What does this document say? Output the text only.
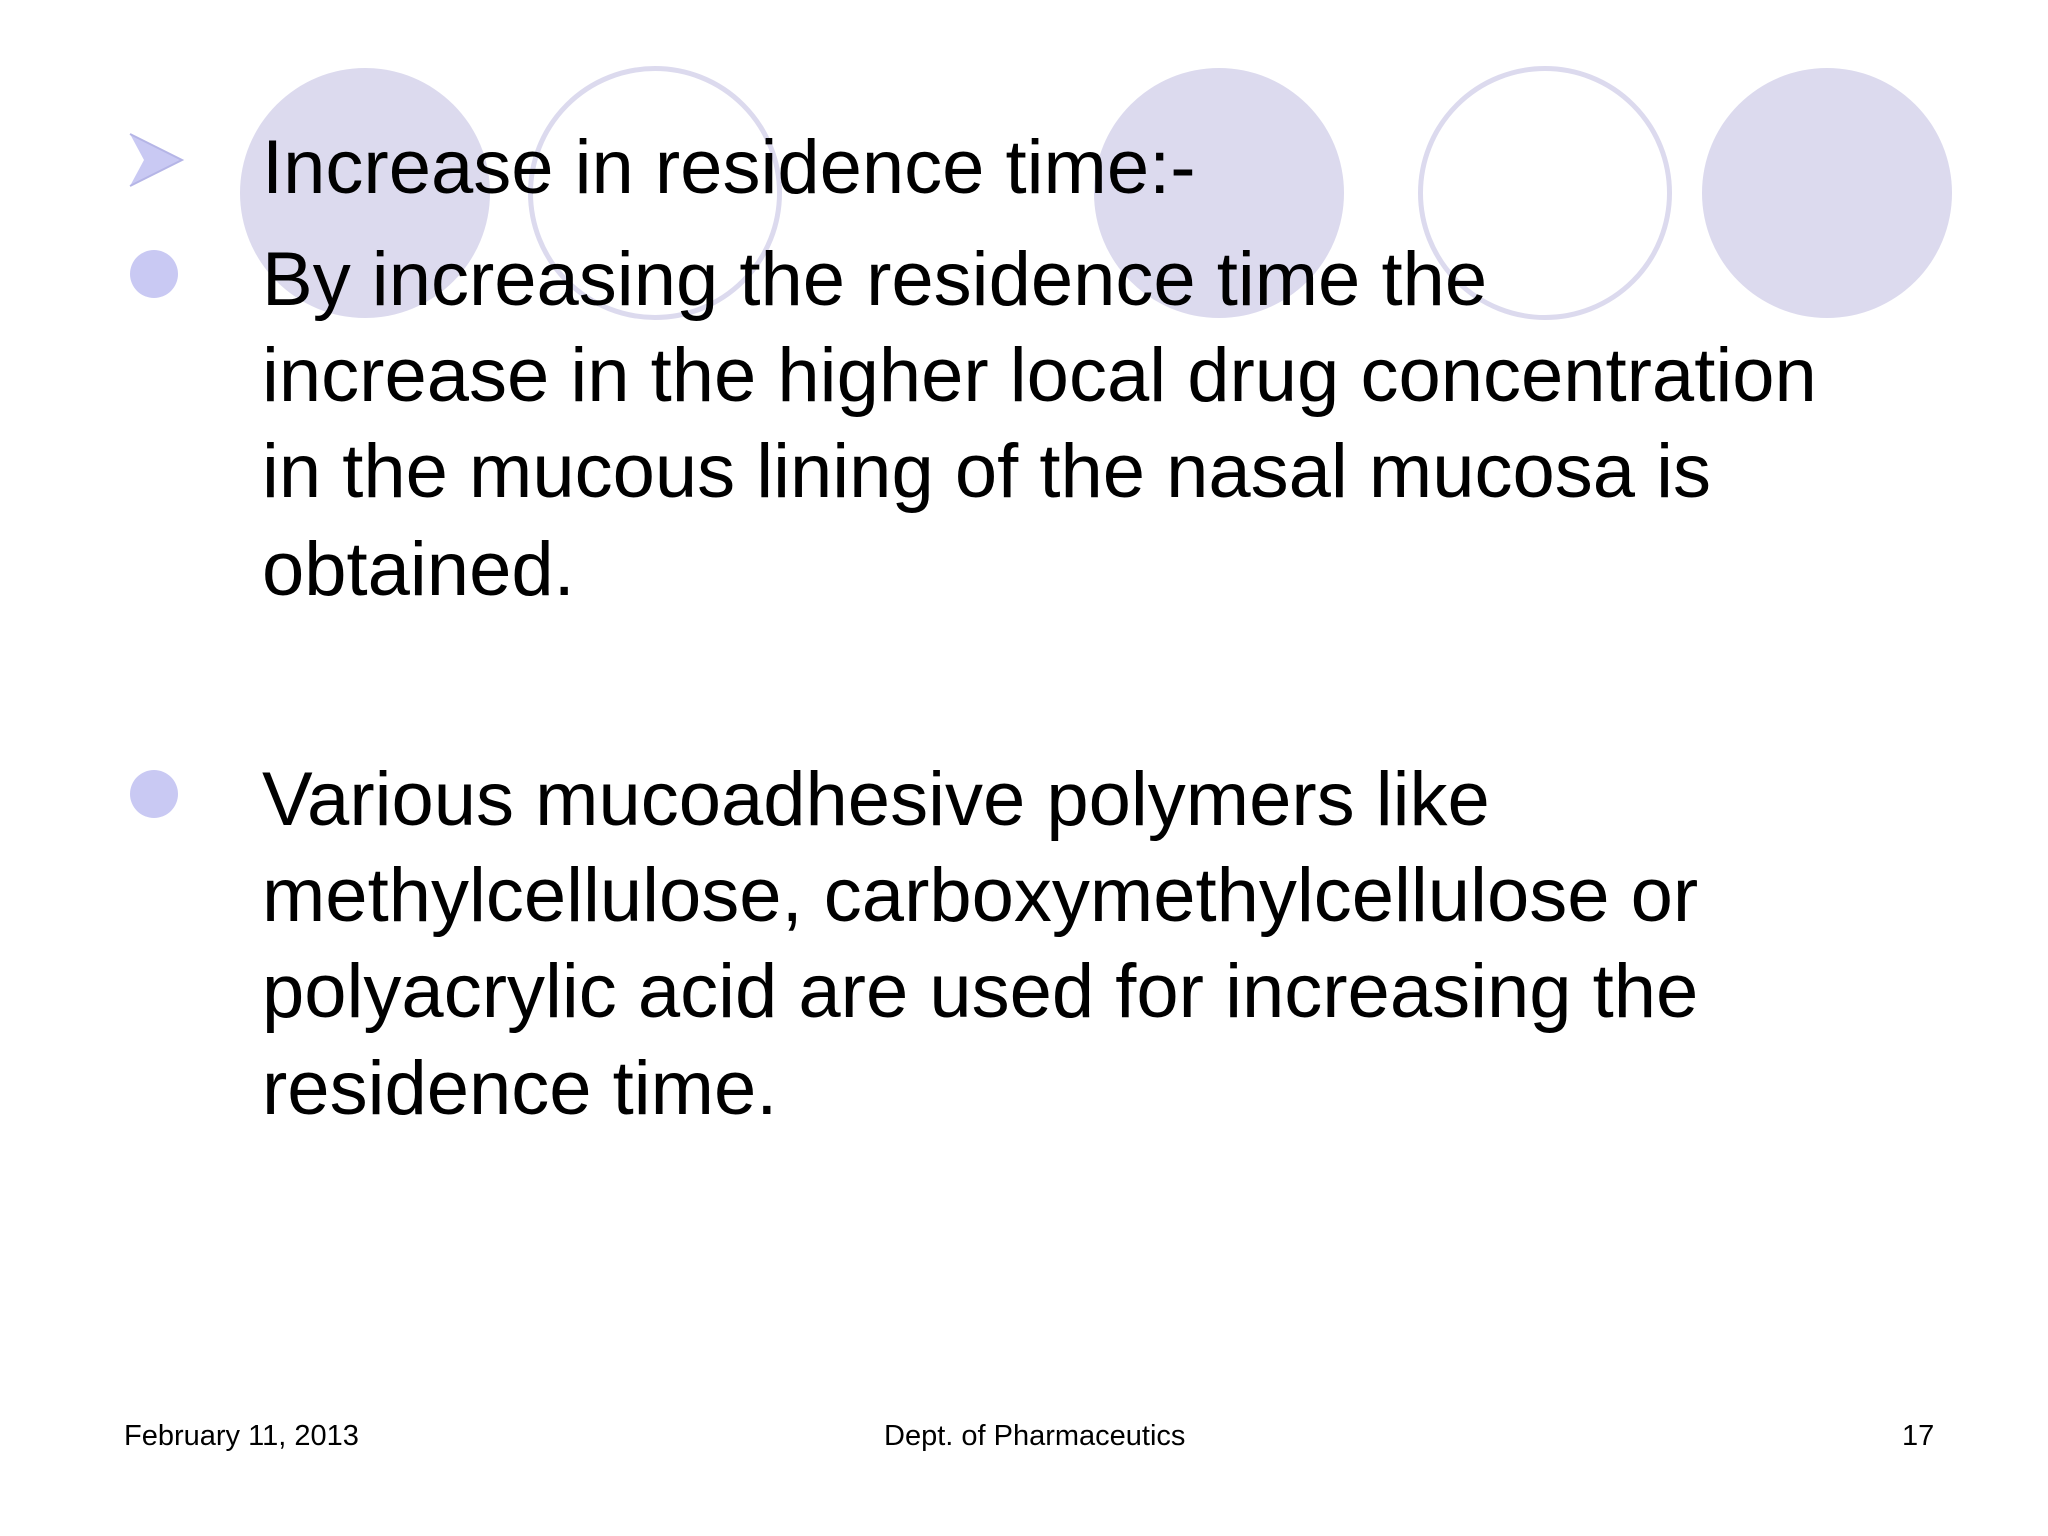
Increase in residence time:-
By increasing the residence time the
increase in the higher local drug concentration
in the mucous lining of the nasal mucosa is
obtained.
Various mucoadhesive polymers like
methylcellulose, carboxymethylcellulose or
polyacrylic acid are used for increasing the
residence time.
February 11, 2013	Dept. of Pharmaceutics	17
